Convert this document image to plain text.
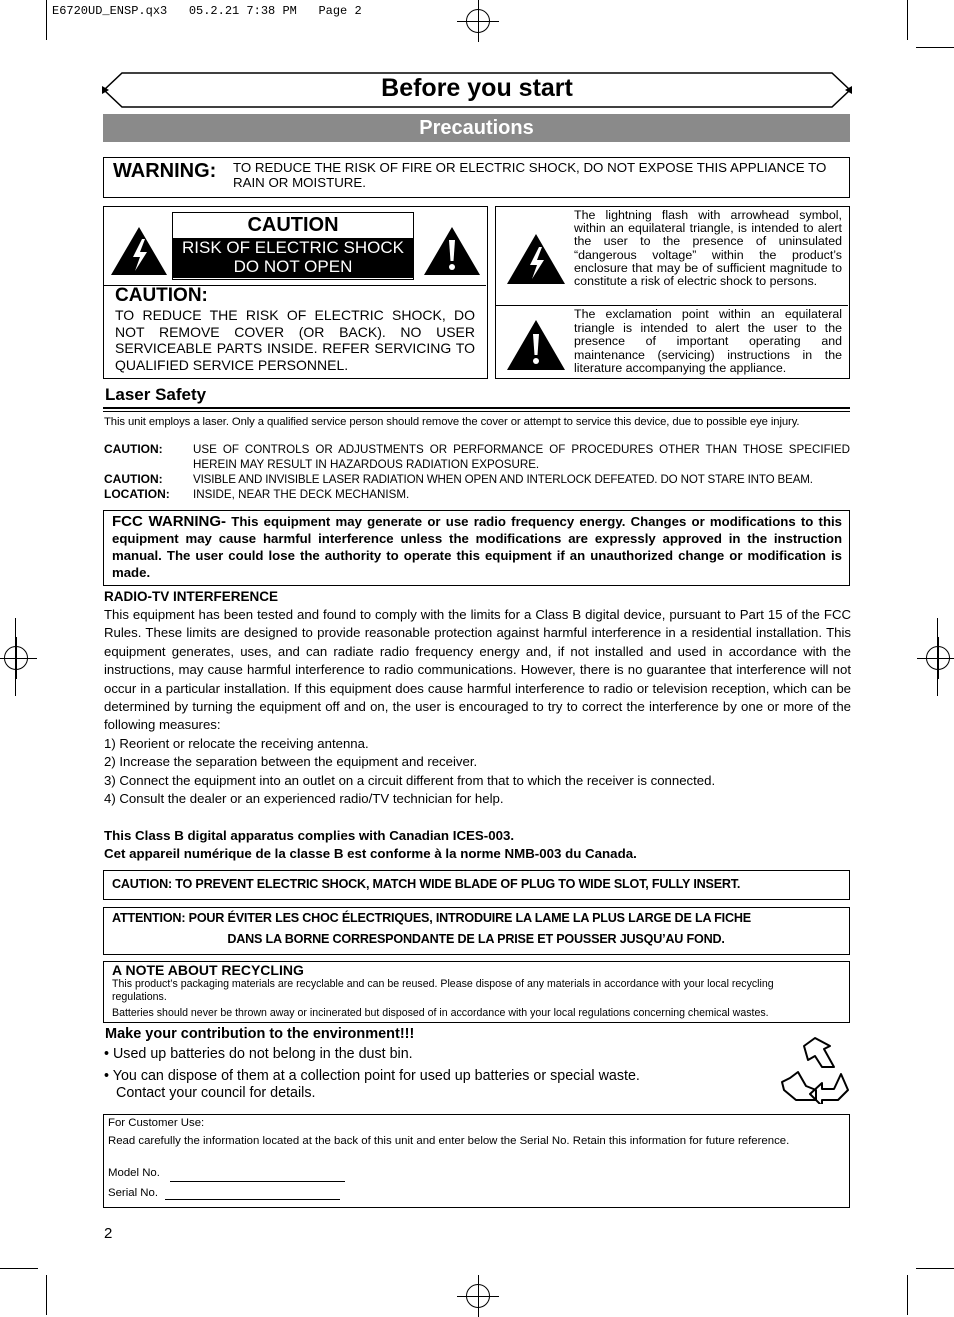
E6720UD_ENSP.qx3   05.2.21 7:38 PM   Page 2
Before you start
Precautions
WARNING: TO REDUCE THE RISK OF FIRE OR ELECTRIC SHOCK, DO NOT EXPOSE THIS APPLIANCE TO RAIN OR MOISTURE.
CAUTION
RISK OF ELECTRIC SHOCK
DO NOT OPEN
CAUTION:
TO REDUCE THE RISK OF ELECTRIC SHOCK, DO NOT REMOVE COVER (OR BACK). NO USER SERVICEABLE PARTS INSIDE. REFER SERVICING TO QUALIFIED SERVICE PERSONNEL.
The lightning flash with arrowhead symbol, within an equilateral triangle, is intended to alert the user to the presence of uninsulated “dangerous voltage” within the product’s enclosure that may be of sufficient magnitude to constitute a risk of electric shock to persons.
The exclamation point within an equilateral triangle is intended to alert the user to the presence of important operating and maintenance (servicing) instructions in the literature accompanying the appliance.
Laser Safety
This unit employs a laser. Only a qualified service person should remove the cover or attempt to service this device, due to possible eye injury.
CAUTION:	USE OF CONTROLS OR ADJUSTMENTS OR PERFORMANCE OF PROCEDURES OTHER THAN THOSE SPECIFIED HEREIN MAY RESULT IN HAZARDOUS RADIATION EXPOSURE.
CAUTION:	VISIBLE AND INVISIBLE LASER RADIATION WHEN OPEN AND INTERLOCK DEFEATED. DO NOT STARE INTO BEAM.
LOCATION: INSIDE, NEAR THE DECK MECHANISM.
FCC WARNING- This equipment may generate or use radio frequency energy. Changes or modifications to this equipment may cause harmful interference unless the modifications are expressly approved in the instruction manual. The user could lose the authority to operate this equipment if an unauthorized change or modification is made.
RADIO-TV INTERFERENCE
This equipment has been tested and found to comply with the limits for a Class B digital device, pursuant to Part 15 of the FCC Rules. These limits are designed to provide reasonable protection against harmful interference in a residential installation. This equipment generates, uses, and can radiate radio frequency energy and, if not installed and used in accordance with the instructions, may cause harmful interference to radio communications. However, there is no guarantee that interference will not occur in a particular installation. If this equipment does cause harmful interference to radio or television reception, which can be determined by turning the equipment off and on, the user is encouraged to try to correct the interference by one or more of the following measures:
1) Reorient or relocate the receiving antenna.
2) Increase the separation between the equipment and receiver.
3) Connect the equipment into an outlet on a circuit different from that to which the receiver is connected.
4) Consult the dealer or an experienced radio/TV technician for help.
This Class B digital apparatus complies with Canadian ICES-003.
Cet appareil numérique de la classe B est conforme à la norme NMB-003 du Canada.
CAUTION: TO PREVENT ELECTRIC SHOCK, MATCH WIDE BLADE OF PLUG TO WIDE SLOT, FULLY INSERT.
ATTENTION: POUR ÉVITER LES CHOC ÉLECTRIQUES, INTRODUIRE LA LAME LA PLUS LARGE DE LA FICHE
DANS LA BORNE CORRESPONDANTE DE LA PRISE ET POUSSER JUSQU’AU FOND.
A NOTE ABOUT RECYCLING
This product’s packaging materials are recyclable and can be reused. Please dispose of any materials in accordance with your local recycling regulations.
Batteries should never be thrown away or incinerated but disposed of in accordance with your local regulations concerning chemical wastes.
Make your contribution to the environment!!!
• Used up batteries do not belong in the dust bin.
• You can dispose of them at a collection point for used up batteries or special waste.
Contact your council for details.
For Customer Use:
Read carefully the information located at the back of this unit and enter below the Serial No. Retain this information for future reference.
Model No.
Serial No.
2
